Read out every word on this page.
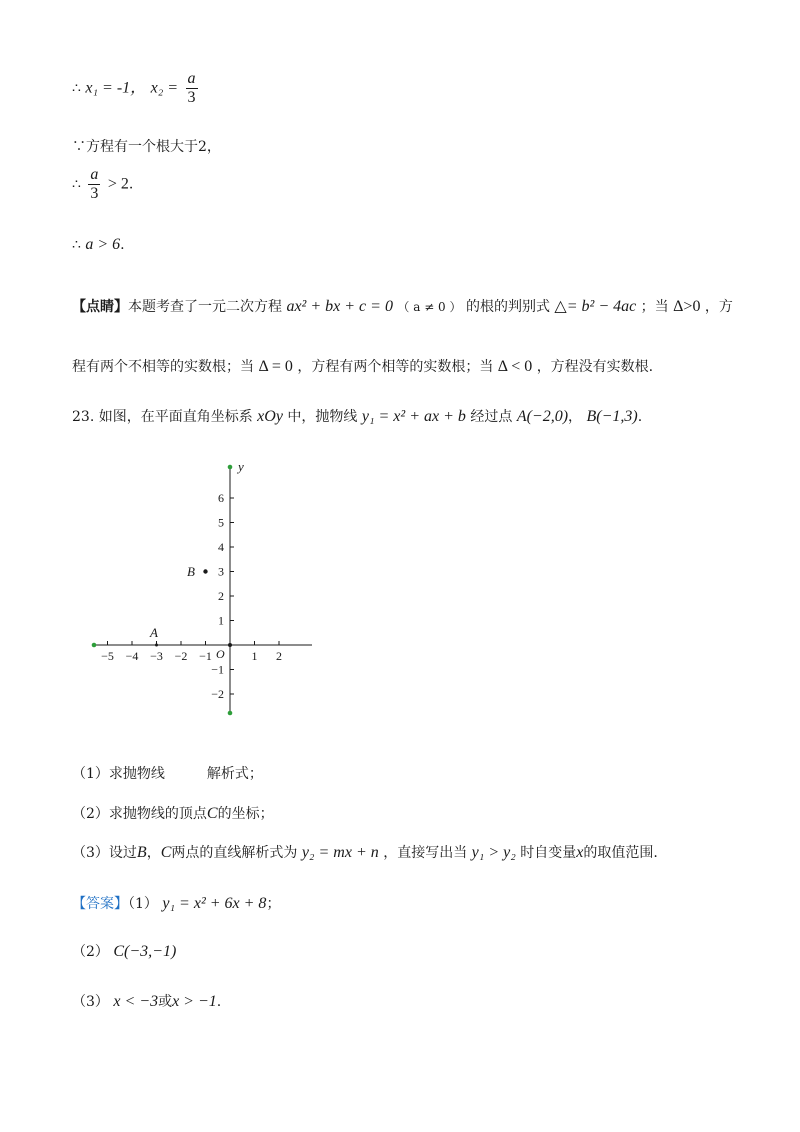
∴ x₁ = -1， $x_2 = \frac{a}{3}$
∵方程有一个根大于2，
∴ $\frac{a}{3} > 2$.
∴ a > 6.
【点睛】本题考查了一元二次方程 ax² + bx + c = 0 （ a ≠ 0 ） 的根的判别式 △= b² − 4ac ；当 Δ>0 ，方
程有两个不相等的实数根；当 Δ = 0 ，方程有两个相等的实数根；当 Δ < 0 ，方程没有实数根.
23. 如图，在平面直角坐标系 xOy 中，抛物线 y₁ = x² + ax + b 经过点 A(−2,0)， B(−1,3).
−5 −4 −3 −2 −1	1 2
6
5
4
3
2
1
−1
−2
y
O
A
B
（1）求抛物线　　　解析式；
（2）求抛物线的顶点C的坐标；
（3）设过B，C两点的直线解析式为 y₂ = mx + n ，直接写出当 y₁ > y₂ 时自变量x的取值范围.
【答案】（1） y₁ = x² + 6x + 8；
（2） C(−3,−1)
（3） x < −3或x > −1.
